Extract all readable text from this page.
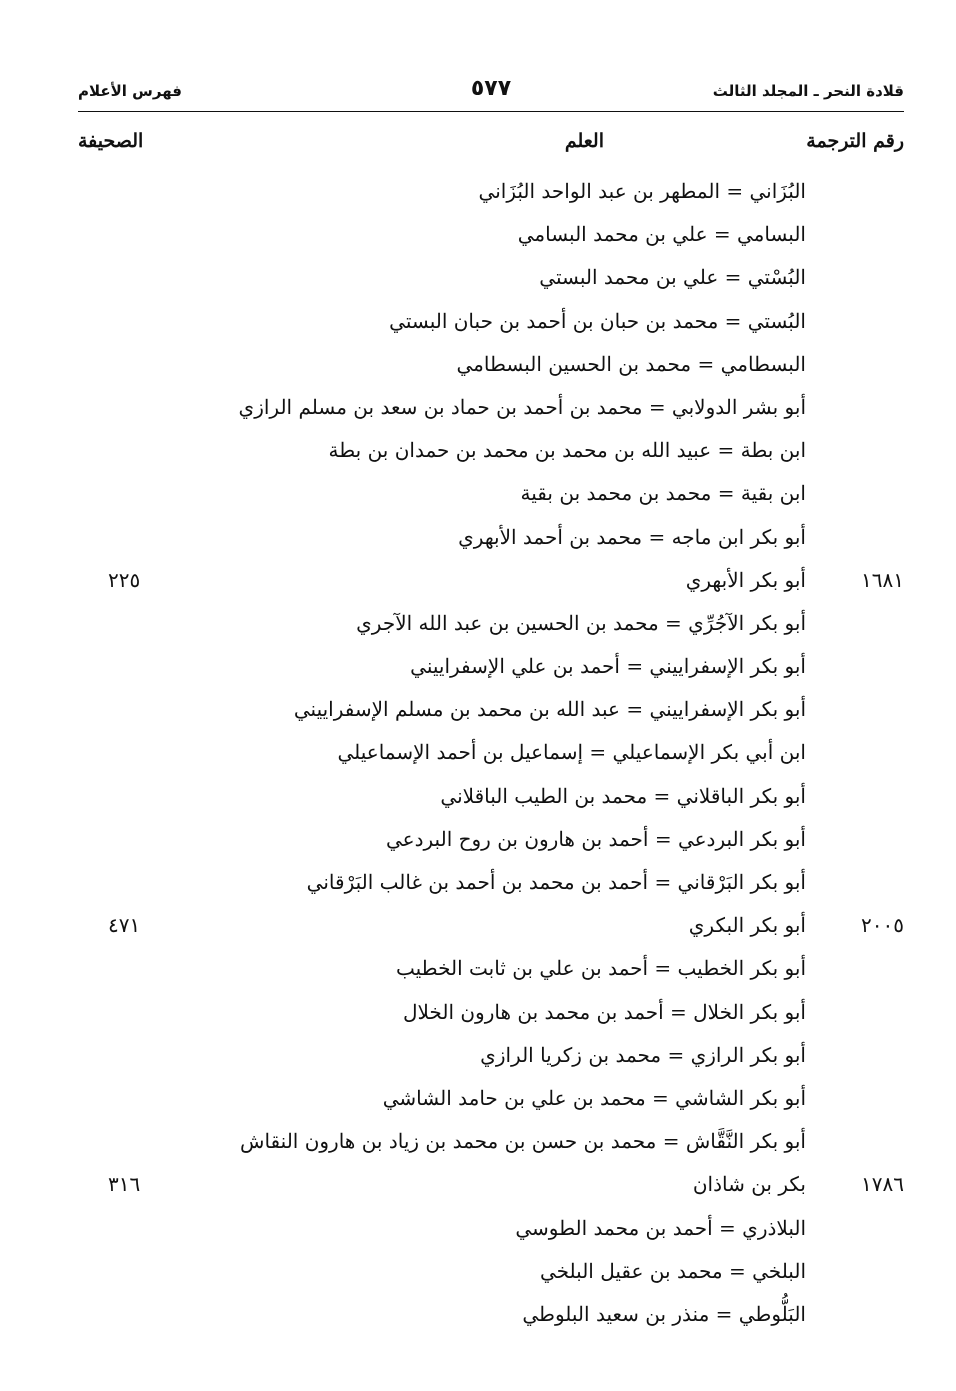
قلادة النحر ـ المجلد الثالث
٥٧٧
فهرس الأعلام
رقم الترجمة
العلم
الصحيفة
البُزَاني = المطهر بن عبد الواحد البُزَاني
البسامي = علي بن محمد البسامي
البُسْتي = علي بن محمد البستي
البُستي = محمد بن حبان بن أحمد بن حبان البستي
البسطامي = محمد بن الحسين البسطامي
أبو بشر الدولابي = محمد بن أحمد بن حماد بن سعد بن مسلم الرازي
ابن بطة = عبيد الله بن محمد بن محمد بن حمدان بن بطة
ابن بقية = محمد بن محمد بن بقية
أبو بكر ابن ماجه = محمد بن أحمد الأبهري
١٦٨١
أبو بكر الأبهري
٢٢٥
أبو بكر الآجُرِّي = محمد بن الحسين بن عبد الله الآجري
أبو بكر الإسفراييني = أحمد بن علي الإسفراييني
أبو بكر الإسفراييني = عبد الله بن محمد بن مسلم الإسفراييني
ابن أبي بكر الإسماعيلي = إسماعيل بن أحمد الإسماعيلي
أبو بكر الباقلاني = محمد بن الطيب الباقلاني
أبو بكر البردعي = أحمد بن هارون بن روح البردعي
أبو بكر البَرْقاني = أحمد بن محمد بن أحمد بن غالب البَرْقاني
٢٠٠٥
أبو بكر البكري
٤٧١
أبو بكر الخطيب = أحمد بن علي بن ثابت الخطيب
أبو بكر الخلال = أحمد بن محمد بن هارون الخلال
أبو بكر الرازي = محمد بن زكريا الرازي
أبو بكر الشاشي = محمد بن علي بن حامد الشاشي
أبو بكر النَّقَّاش = محمد بن حسن بن محمد بن زياد بن هارون النقاش
١٧٨٦
بكر بن شاذان
٣١٦
البلاذري = أحمد بن محمد الطوسي
البلخي = محمد بن عقيل البلخي
البَلُّوطي = منذر بن سعيد البلوطي
